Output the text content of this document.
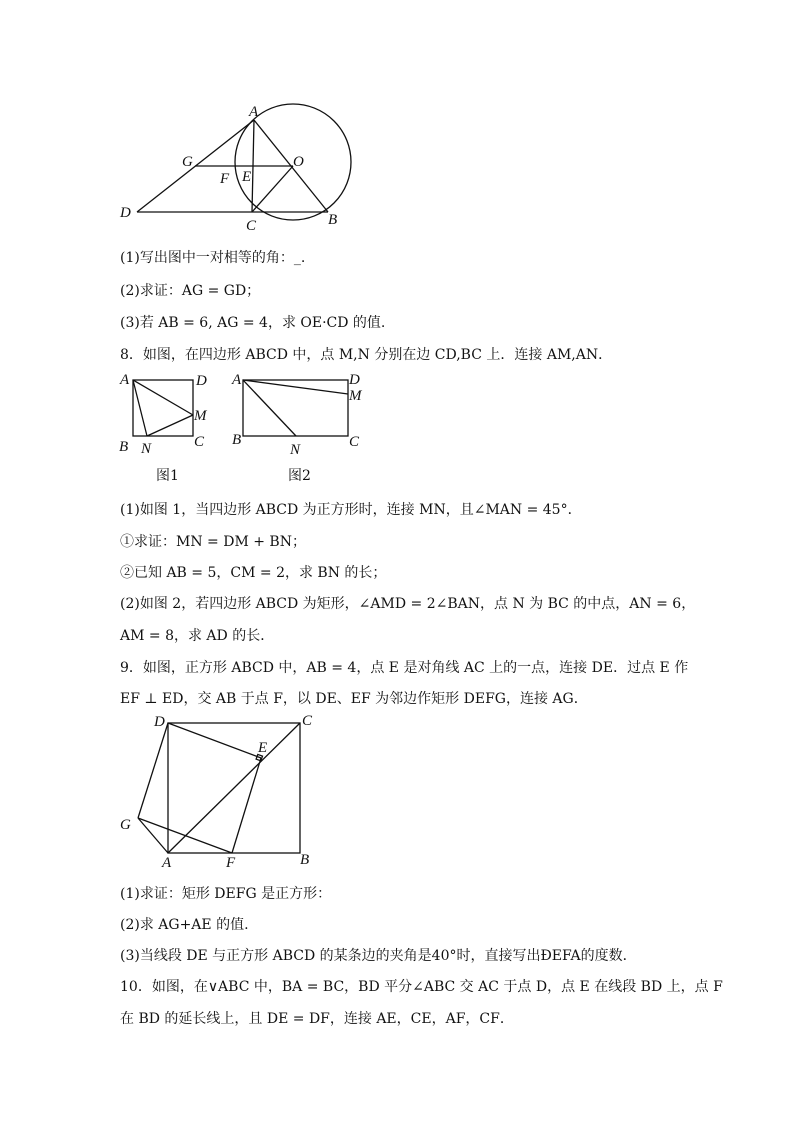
A
G	O
F E
D
C	B
(1)写出图中一对相等的角：_.
(2)求证：AG = GD；
(3)若 AB = 6, AG = 4，求 OE·CD 的值.
8．如图，在四边形 ABCD 中，点 M,N 分别在边 CD,BC 上．连接 AM,AN．
A	D
M
B N	C
A	D
M
B
N	C
图1	图2
(1)如图 1，当四边形 ABCD 为正方形时，连接 MN，且∠MAN = 45°．
①求证：MN = DM + BN；
②已知 AB = 5，CM = 2，求 BN 的长；
(2)如图 2，若四边形 ABCD 为矩形，∠AMD = 2∠BAN，点 N 为 BC 的中点，AN = 6，
AM = 8，求 AD 的长．
9．如图，正方形 ABCD 中，AB = 4，点 E 是对角线 AC 上的一点，连接 DE．过点 E 作
EF ⊥ ED，交 AB 于点 F，以 DE、EF 为邻边作矩形 DEFG，连接 AG．
D	C
E
G
A	F	B
(1)求证：矩形 DEFG 是正方形：
(2)求 AG+AE 的值.
(3)当线段 DE 与正方形 ABCD 的某条边的夹角是40°时，直接写出ÐEFA的度数．
10．如图，在∨ABC 中，BA = BC，BD 平分∠ABC 交 AC 于点 D，点 E 在线段 BD 上，点 F
在 BD 的延长线上，且 DE = DF，连接 AE，CE，AF，CF．
